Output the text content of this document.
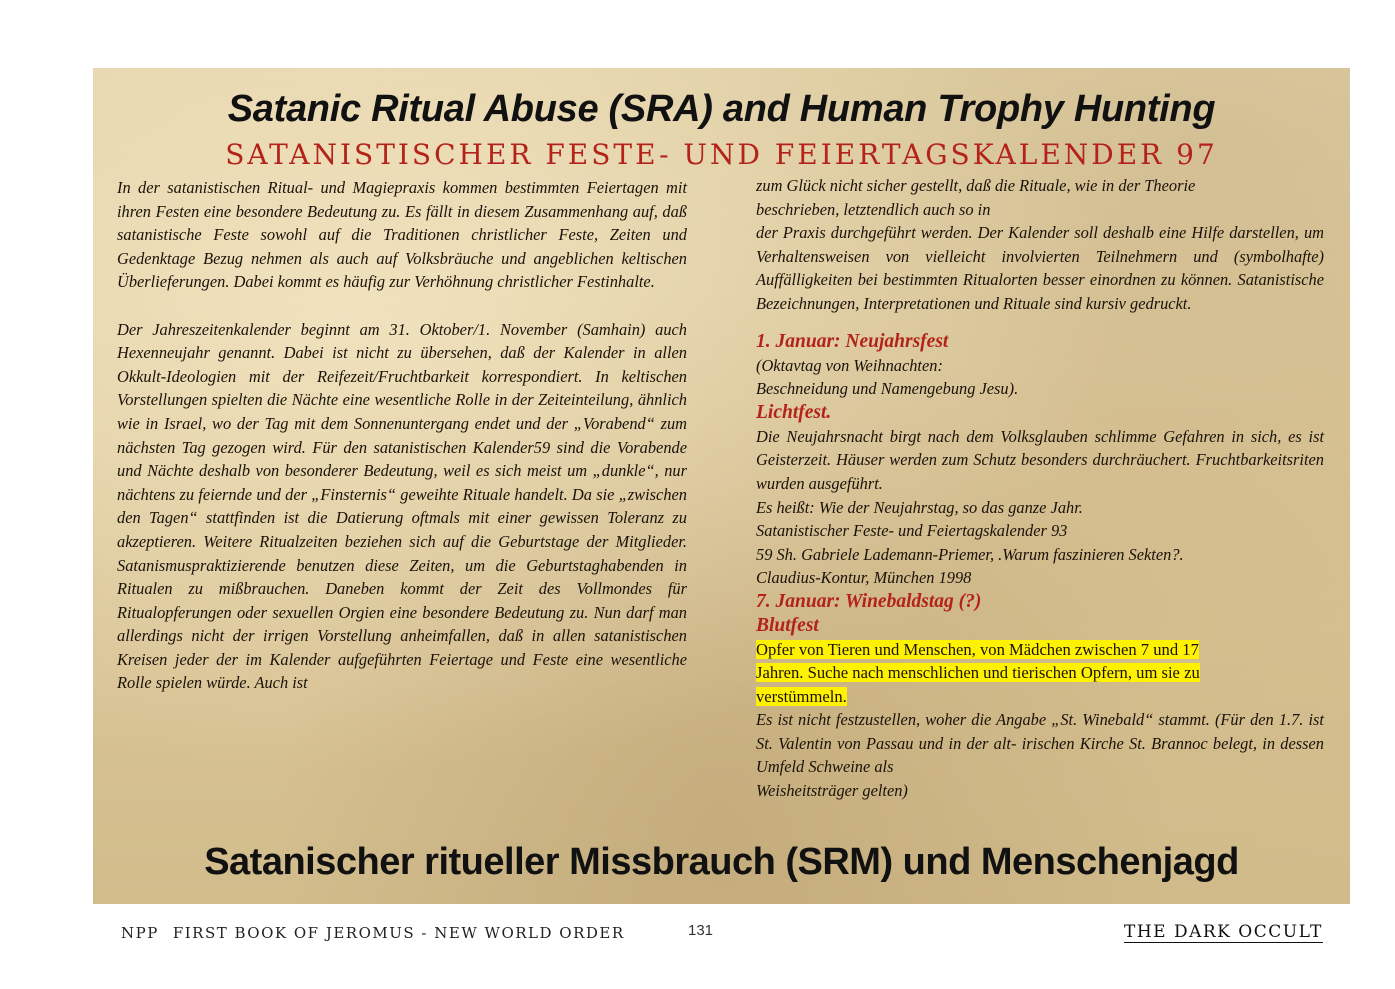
Satanic Ritual Abuse (SRA) and Human Trophy Hunting
SATANISTISCHER FESTE- UND FEIERTAGSKALENDER 97

In der satanistischen Ritual- und Magiepraxis kommen bestimmten Feiertagen mit ihren Festen eine besondere Bedeutung zu. Es fällt in diesem Zusammenhang auf, daß satanistische Feste sowohl auf die Traditionen christlicher Feste, Zeiten und Gedenktage Bezug nehmen als auch auf Volksbräuche und angeblichen keltischen Überlieferungen. Dabei kommt es häufig zur Verhöhnung christlicher Festinhalte.

Der Jahreszeitenkalender beginnt am 31. Oktober/1. November (Samhain) auch Hexenneujahr genannt. Dabei ist nicht zu übersehen, daß der Kalender in allen Okkult-Ideologien mit der Reifezeit/Fruchtbarkeit korrespondiert. In keltischen Vorstellungen spielten die Nächte eine wesentliche Rolle in der Zeiteinteilung, ähnlich wie in Israel, wo der Tag mit dem Sonnenuntergang endet und der „Vorabend“ zum nächsten Tag gezogen wird. Für den satanistischen Kalender59 sind die Vorabende und Nächte deshalb von besonderer Bedeutung, weil es sich meist um „dunkle“, nur nächtens zu feiernde und der „Finsternis“ geweihte Rituale handelt. Da sie „zwischen den Tagen“ stattfinden ist die Datierung oftmals mit einer gewissen Toleranz zu akzeptieren. Weitere Ritualzeiten beziehen sich auf die Geburtstage der Mitglieder. Satanismuspraktizierende benutzen diese Zeiten, um die Geburtstaghabenden in Ritualen zu mißbrauchen. Daneben kommt der Zeit des Vollmondes für Ritualopferungen oder sexuellen Orgien eine besondere Bedeutung zu. Nun darf man allerdings nicht der irrigen Vorstellung anheimfallen, daß in allen satanistischen Kreisen jeder der im Kalender aufgeführten Feiertage und Feste eine wesentliche Rolle spielen würde. Auch ist

zum Glück nicht sicher gestellt, daß die Rituale, wie in der Theorie
beschrieben, letztendlich auch so in

der Praxis durchgeführt werden. Der Kalender soll deshalb eine Hilfe darstellen, um Verhaltensweisen von vielleicht involvierten Teilnehmern und (symbolhafte) Auffälligkeiten bei bestimmten Ritualorten besser einordnen zu können. Satanistische Bezeichnungen, Interpretationen und Rituale sind kursiv gedruckt.

1. Januar: Neujahrsfest

(Oktavtag von Weihnachten:
Beschneidung und Namengebung Jesu).

Lichtfest.

Die Neujahrsnacht birgt nach dem Volksglauben schlimme Gefahren in sich, es ist Geisterzeit. Häuser werden zum Schutz besonders durchräuchert. Fruchtbarkeitsriten wurden ausgeführt.

Es heißt: Wie der Neujahrstag, so das ganze Jahr.
Satanistischer Feste- und Feiertagskalender 93
59 Sh. Gabriele Lademann-Priemer, .Warum faszinieren Sekten?.
Claudius-Kontur, München 1998

7. Januar: Winebaldstag (?)
Blutfest

Opfer von Tieren und Menschen, von Mädchen zwischen 7 und 17
Jahren. Suche nach menschlichen und tierischen Opfern, um sie zu
verstümmeln.

Es ist nicht festzustellen, woher die Angabe „St. Winebald“ stammt. (Für den 1.7. ist St. Valentin von Passau und in der alt- irischen Kirche St. Brannoc belegt, in dessen Umfeld Schweine als

Weisheitsträger gelten)

Satanischer ritueller Missbrauch (SRM) und Menschenjagd
NPP FIRST BOOK OF JEROMUS - NEW WORLD ORDER	131	THE DARK OCCULT
